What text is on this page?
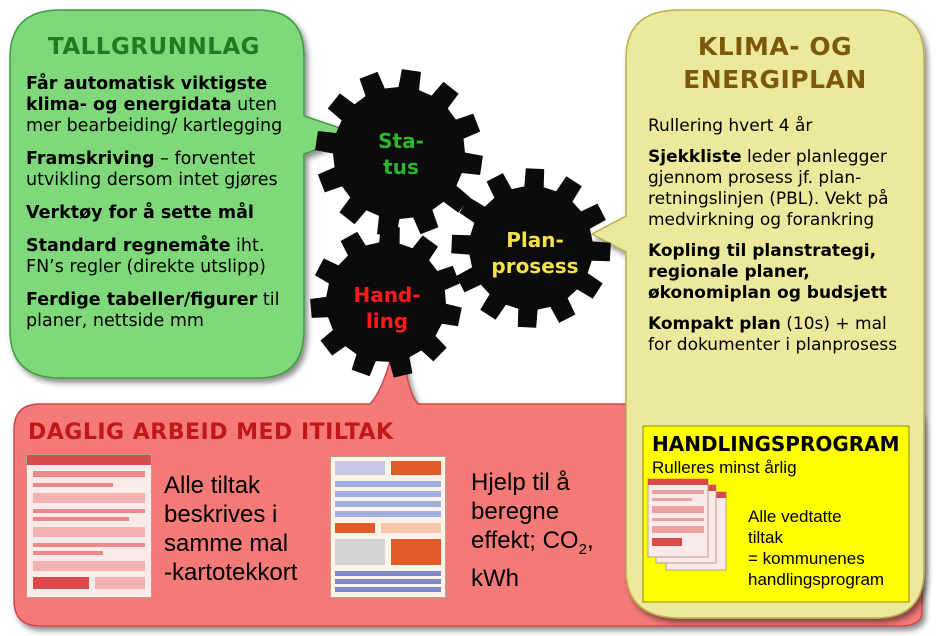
TALLGRUNNLAG

Får automatisk viktigste klima- og energidata uten mer bearbeiding/ kartlegging

Framskriving – forventet utvikling dersom intet gjøres

Verktøy for å sette mål

Standard regnemåte iht. FN’s regler (direkte utslipp)

Ferdige tabeller/figurer til planer, nettside mm

KLIMA- OG
ENERGIPLAN

Rullering hvert 4 år

Sjekkliste leder planlegger gjennom prosess jf. plan-retningslinjen (PBL). Vekt på medvirkning og forankring

Kopling til planstrategi, regionale planer, økonomiplan og budsjett

Kompakt plan (10s) + mal for dokumenter i planprosess

Sta-
tus
Plan-
prosess
Hand-
ling
DAGLIG ARBEID MED ITILTAK
Alle tiltak
beskrives i
samme mal
-kartotekkort
Hjelp til å
beregne
effekt; $CO_2$,
kWh
HANDLINGSPROGRAM
Rulleres minst årlig
Alle vedtatte
tiltak
= kommunenes
handlingsprogram
